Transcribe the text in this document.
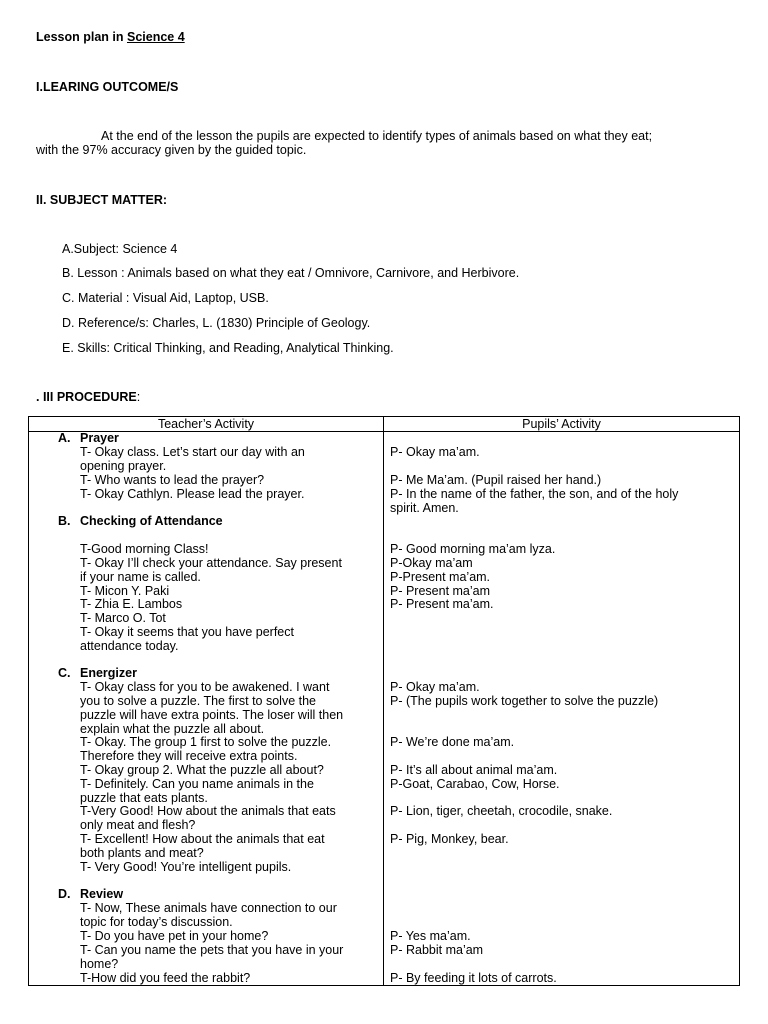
Lesson plan in Science 4
I.LEARING OUTCOME/S
At the end of the lesson the pupils are expected to identify types of animals based on what they eat;
with the 97% accuracy given by the guided topic.
II. SUBJECT MATTER:
A.Subject: Science 4
B. Lesson : Animals based on what they eat / Omnivore, Carnivore, and Herbivore.
C. Material : Visual Aid, Laptop, USB.
D. Reference/s: Charles, L. (1830) Principle of Geology.
E. Skills: Critical Thinking, and Reading, Analytical Thinking.
. III PROCEDURE:
Teacher’s Activity	Pupils’ Activity
A. Prayer
B. Checking of Attendance
C. Energizer
D. Review
T- Okay class. Let’s start our day with an
opening prayer.
T- Who wants to lead the prayer?
T- Okay Cathlyn. Please lead the prayer.
T-Good morning Class!
T- Okay I’ll check your attendance. Say present
if your name is called.
T- Micon Y. Paki
T- Zhia E. Lambos
T- Marco O. Tot
T- Okay it seems that you have perfect
attendance today.
T- Okay class for you to be awakened. I want
you to solve a puzzle. The first to solve the
puzzle will have extra points. The loser will then
explain what the puzzle all about.
T- Okay. The group 1 first to solve the puzzle.
Therefore they will receive extra points.
T- Okay group 2. What the puzzle all about?
T- Definitely. Can you name animals in the
puzzle that eats plants.
T-Very Good! How about the animals that eats
only meat and flesh?
T- Excellent! How about the animals that eat
both plants and meat?
T- Very Good! You’re intelligent pupils.
T- Now, These animals have connection to our
topic for today’s discussion.
T- Do you have pet in your home?
T- Can you name the pets that you have in your
home?
T-How did you feed the rabbit?
P- Okay ma’am.
P- Me Ma’am. (Pupil raised her hand.)
P- In the name of the father, the son, and of the holy
spirit. Amen.
P- Good morning ma’am lyza.
P-Okay ma’am
P-Present ma’am.
P- Present ma’am
P- Present ma’am.
P- Okay ma’am.
P- (The pupils work together to solve the puzzle)
P- We’re done ma’am.
P- It’s all about animal ma’am.
P-Goat, Carabao, Cow, Horse.
P- Lion, tiger, cheetah, crocodile, snake.
P- Pig, Monkey, bear.
P- Yes ma’am.
P- Rabbit ma’am
P- By feeding it lots of carrots.
